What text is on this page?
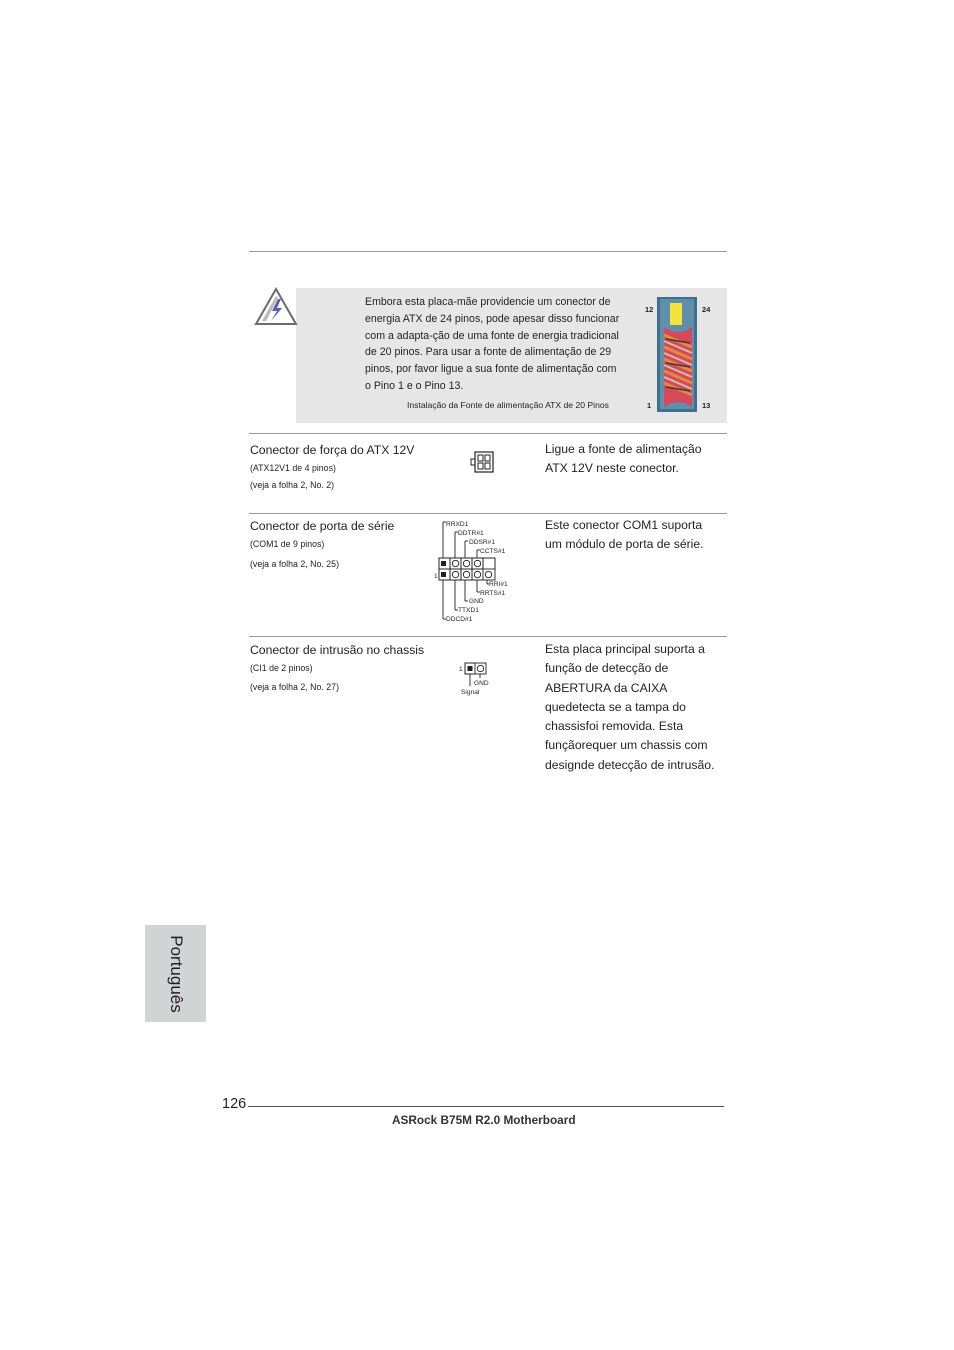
Embora esta placa-mãe providencie um conector de
energia ATX de 24 pinos, pode apesar disso funcionar
com a adapta-ção de uma fonte de energia tradicional
de 20 pinos. Para usar a fonte de alimentação de 29
pinos, por favor ligue a sua fonte de alimentação com
o Pino 1 e o Pino 13.
Instalação da Fonte de alimentação ATX de 20 Pinos
12	24
1	13
Conector de força do ATX 12V
(ATX12V1 de 4 pinos)
(veja a folha 2, No. 2)
Ligue a fonte de alimentação
ATX 12V neste conector.
Conector de porta de série
(COM1 de 9 pinos)
(veja a folha 2, No. 25)
RRXD1
DDTR#1
DDSR#1
CCTS#1
RRI#1
RRTS#1
GND
TTXD1
DDCD#1
1
Este conector COM1 suporta
um módulo de porta de série.
Conector de intrusão no chassis
(CI1 de 2 pinos)
(veja a folha 2, No. 27)
1
GND
Signal
Esta placa principal suporta a
função de detecção de
ABERTURA da CAIXA
quedetecta se a tampa do
chassisfoi removida. Esta
funçãorequer um chassis com
designde detecção de intrusão.
Português
126
ASRock B75M R2.0 Motherboard
